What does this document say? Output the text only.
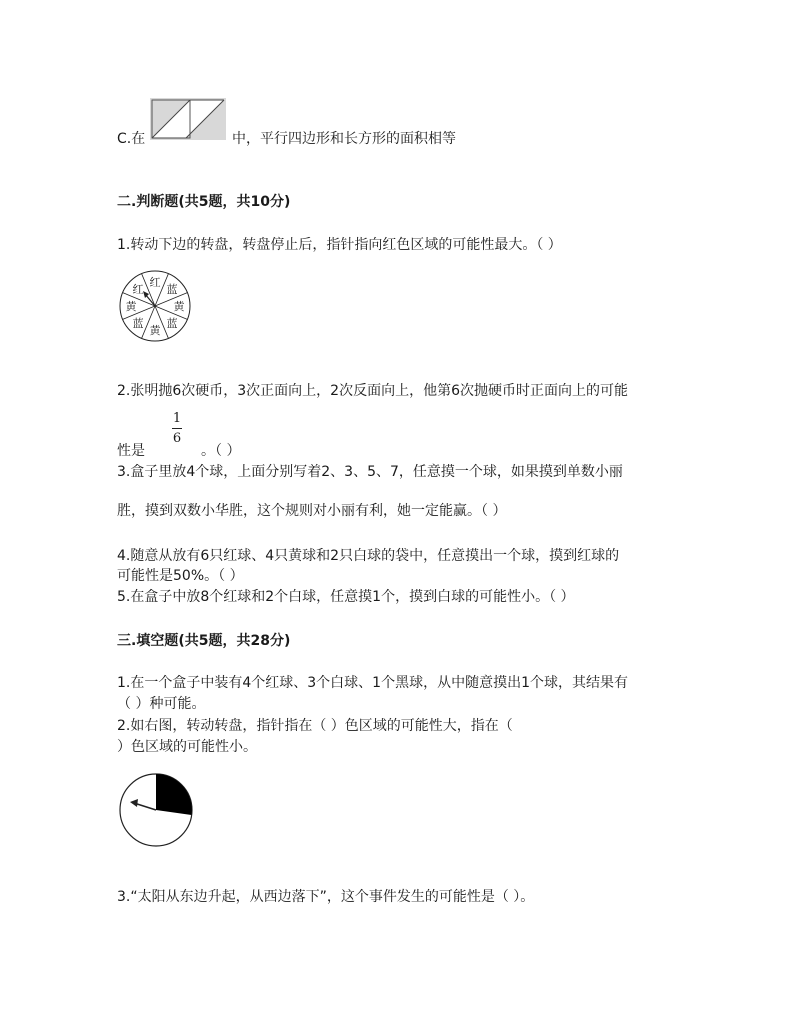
C.在	中，平行四边形和长方形的面积相等
二.判断题(共5题，共10分)
1.转动下边的转盘，转盘停止后，指针指向红色区域的可能性最大。（ ）
红
蓝
黄
蓝
黄
蓝
黄
红
2.张明抛6次硬币，3次正面向上，2次反面向上，他第6次抛硬币时正面向上的可能
性是
1
6
。（ ）
3.盒子里放4个球，上面分别写着2、3、5、7，任意摸一个球，如果摸到单数小丽
胜，摸到双数小华胜，这个规则对小丽有利，她一定能赢。（ ）
4.随意从放有6只红球、4只黄球和2只白球的袋中，任意摸出一个球，摸到红球的
可能性是50%。（ ）
5.在盒子中放8个红球和2个白球，任意摸1个，摸到白球的可能性小。（ ）
三.填空题(共5题，共28分)
1.在一个盒子中装有4个红球、3个白球、1个黑球，从中随意摸出1个球，其结果有
（ ）种可能。
2.如右图，转动转盘，指针指在（ ）色区域的可能性大，指在（
）色区域的可能性小。
3.“太阳从东边升起，从西边落下”，这个事件发生的可能性是（ ）。
